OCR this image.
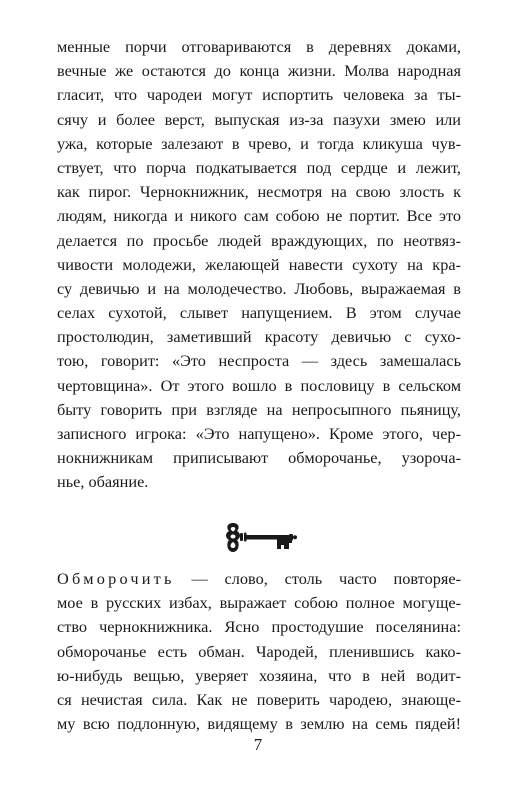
менные порчи отговариваются в деревнях доками,
вечные же остаются до конца жизни. Молва народная
гласит, что чародеи могут испортить человека за ты-
сячу и более верст, выпуская из-за пазухи змею или
ужа, которые залезают в чрево, и тогда кликуша чув-
ствует, что порча подкатывается под сердце и лежит,
как пирог. Чернокнижник, несмотря на свою злость к
людям, никогда и никого сам собою не портит. Все это
делается по просьбе людей враждующих, по неотвяз-
чивости молодежи, желающей навести сухоту на кра-
су девичью и на молодечество. Любовь, выражаемая в
селах сухотой, слывет напущением. В этом случае
простолюдин, заметивший красоту девичью с сухо-
тою, говорит: «Это неспроста — здесь замешалась
чертовщина». От этого вошло в пословицу в сельском
быту говорить при взгляде на непросыпного пьяницу,
записного игрока: «Это напущено». Кроме этого, чер-
нокнижникам приписывают обморочанье, узорочa-
нье, обаяние.
Обморочить — слово, столь часто повторяе-
мое в русских избах, выражает собою полное могуще-
ство чернокнижника. Ясно простодушие поселянина:
обморочанье есть обман. Чародей, пленившись како-
ю-нибудь вещью, уверяет хозяина, что в ней водит-
ся нечистая сила. Как не поверить чародею, знающе-
му всю подлонную, видящему в землю на семь пядей!
7
